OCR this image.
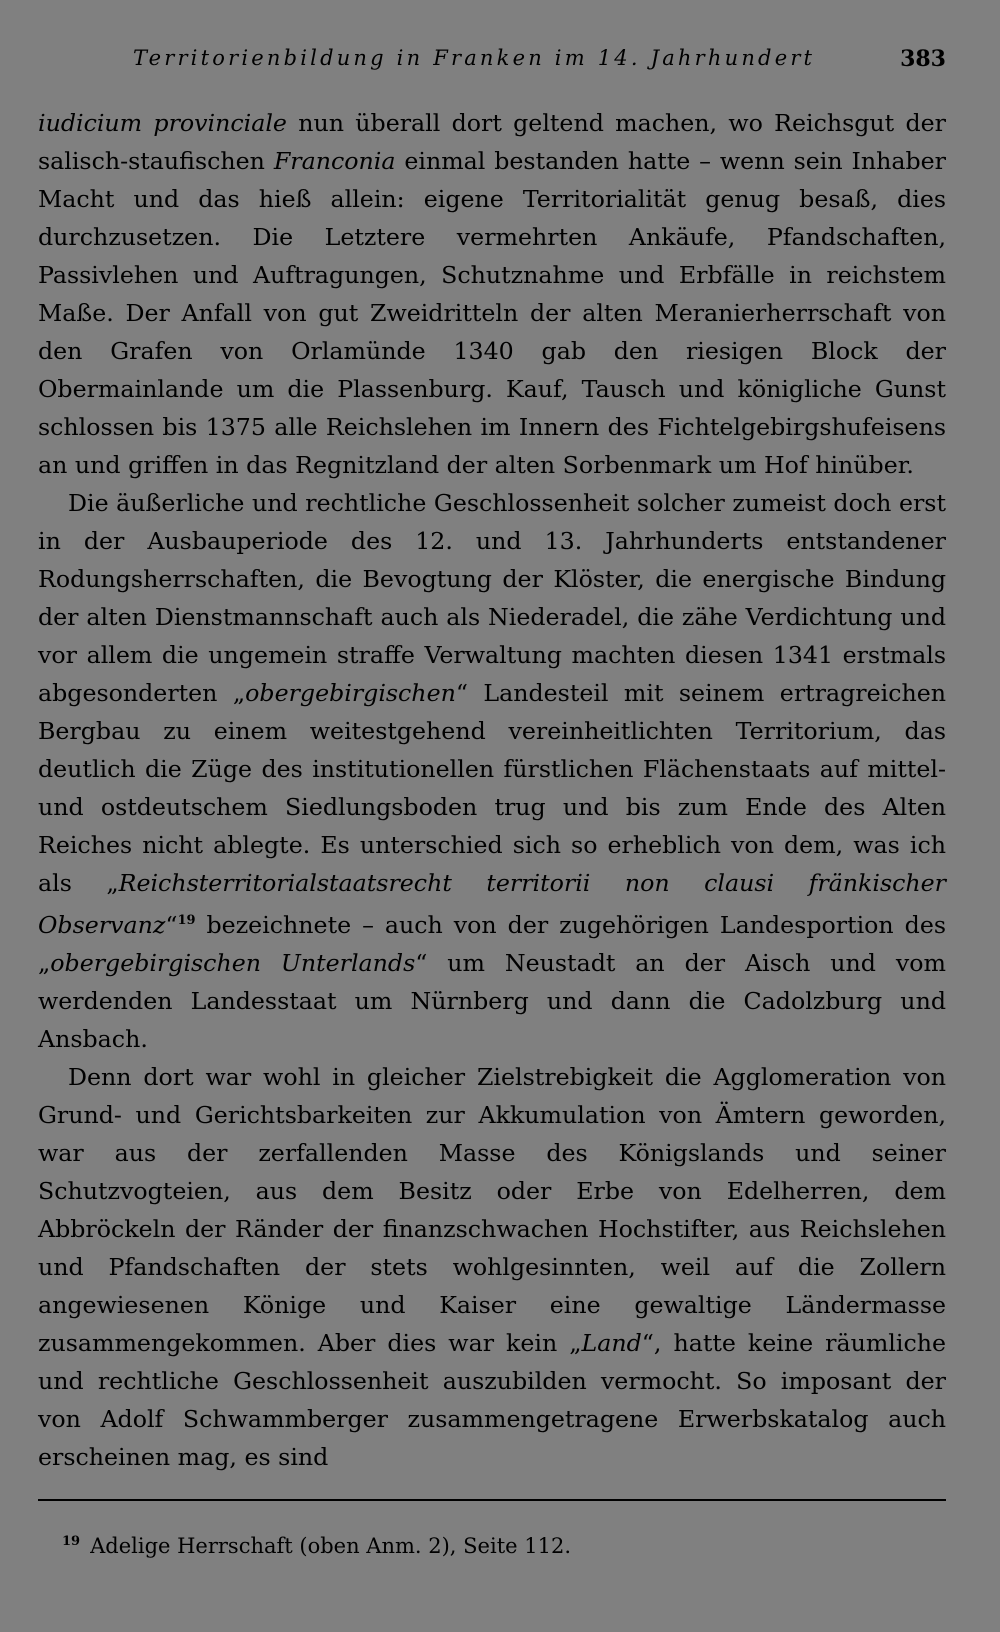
Territorienbildung in Franken im 14. Jahrhundert	383

iudicium provinciale nun überall dort geltend machen, wo Reichsgut der salisch-staufischen Franconia einmal bestanden hatte – wenn sein Inhaber Macht und das hieß allein: eigene Territorialität genug besaß, dies durchzusetzen. Die Letztere vermehrten Ankäufe, Pfandschaften, Passivlehen und Auftragungen, Schutznahme und Erbfälle in reichstem Maße. Der Anfall von gut Zweidritteln der alten Meranierherrschaft von den Grafen von Orlamünde 1340 gab den riesigen Block der Obermainlande um die Plassenburg. Kauf, Tausch und königliche Gunst schlossen bis 1375 alle Reichslehen im Innern des Fichtelgebirgshufeisens an und griffen in das Regnitzland der alten Sorbenmark um Hof hinüber.

Die äußerliche und rechtliche Geschlossenheit solcher zumeist doch erst in der Ausbauperiode des 12. und 13. Jahrhunderts entstandener Rodungsherrschaften, die Bevogtung der Klöster, die energische Bindung der alten Dienstmannschaft auch als Niederadel, die zähe Verdichtung und vor allem die ungemein straffe Verwaltung machten diesen 1341 erstmals abgesonderten „obergebirgischen“ Landesteil mit seinem ertragreichen Bergbau zu einem weitestgehend vereinheitlichten Territorium, das deutlich die Züge des institutionellen fürstlichen Flächenstaats auf mittel- und ostdeutschem Siedlungsboden trug und bis zum Ende des Alten Reiches nicht ablegte. Es unterschied sich so erheblich von dem, was ich als „Reichsterritorialstaatsrecht territorii non clausi fränkischer Observanz“$^{19}$ bezeichnete – auch von der zugehörigen Landesportion des „obergebirgischen Unterlands“ um Neustadt an der Aisch und vom werdenden Landesstaat um Nürnberg und dann die Cadolzburg und Ansbach.

Denn dort war wohl in gleicher Zielstrebigkeit die Agglomeration von Grund- und Gerichtsbarkeiten zur Akkumulation von Ämtern geworden, war aus der zerfallenden Masse des Königslands und seiner Schutzvogteien, aus dem Besitz oder Erbe von Edelherren, dem Abbröckeln der Ränder der finanzschwachen Hochstifter, aus Reichslehen und Pfandschaften der stets wohlgesinnten, weil auf die Zollern angewiesenen Könige und Kaiser eine gewaltige Ländermasse zusammengekommen. Aber dies war kein „Land“, hatte keine räumliche und rechtliche Geschlossenheit auszubilden vermocht. So imposant der von Adolf Schwammberger zusammengetragene Erwerbskatalog auch erscheinen mag, es sind

$^{19}$ Adelige Herrschaft (oben Anm. 2), Seite 112.
